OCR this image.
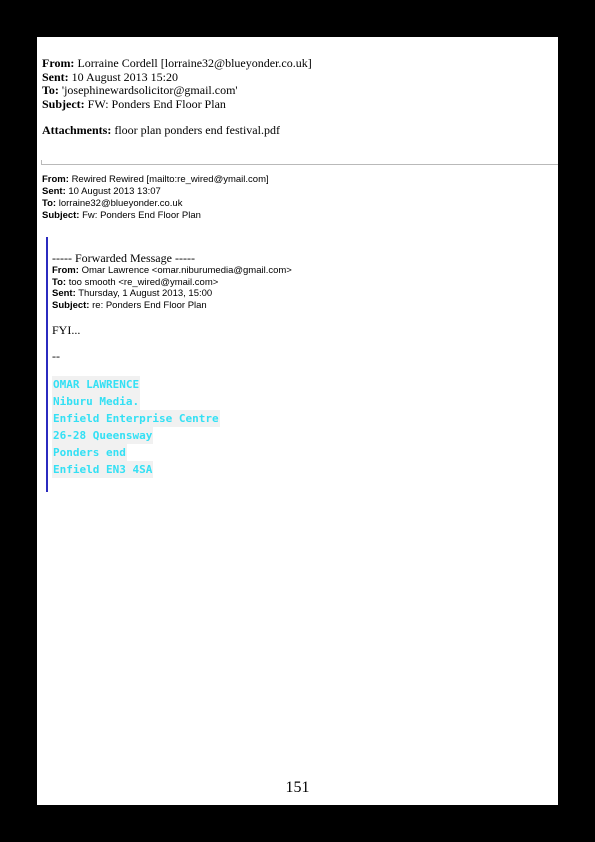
From: Lorraine Cordell [lorraine32@blueyonder.co.uk]
Sent: 10 August 2013 15:20
To: 'josephinewardsolicitor@gmail.com'
Subject: FW: Ponders End Floor Plan
Attachments: floor plan ponders end festival.pdf
From: Rewired Rewired [mailto:re_wired@ymail.com]
Sent: 10 August 2013 13:07
To: lorraine32@blueyonder.co.uk
Subject: Fw: Ponders End Floor Plan
----- Forwarded Message -----
From: Omar Lawrence <omar.niburumedia@gmail.com>
To: too smooth <re_wired@ymail.com>
Sent: Thursday, 1 August 2013, 15:00
Subject: re: Ponders End Floor Plan
FYI...
--
OMAR LAWRENCE
Niburu Media.
Enfield Enterprise Centre
26-28 Queensway
Ponders end
Enfield EN3 4SA
151
